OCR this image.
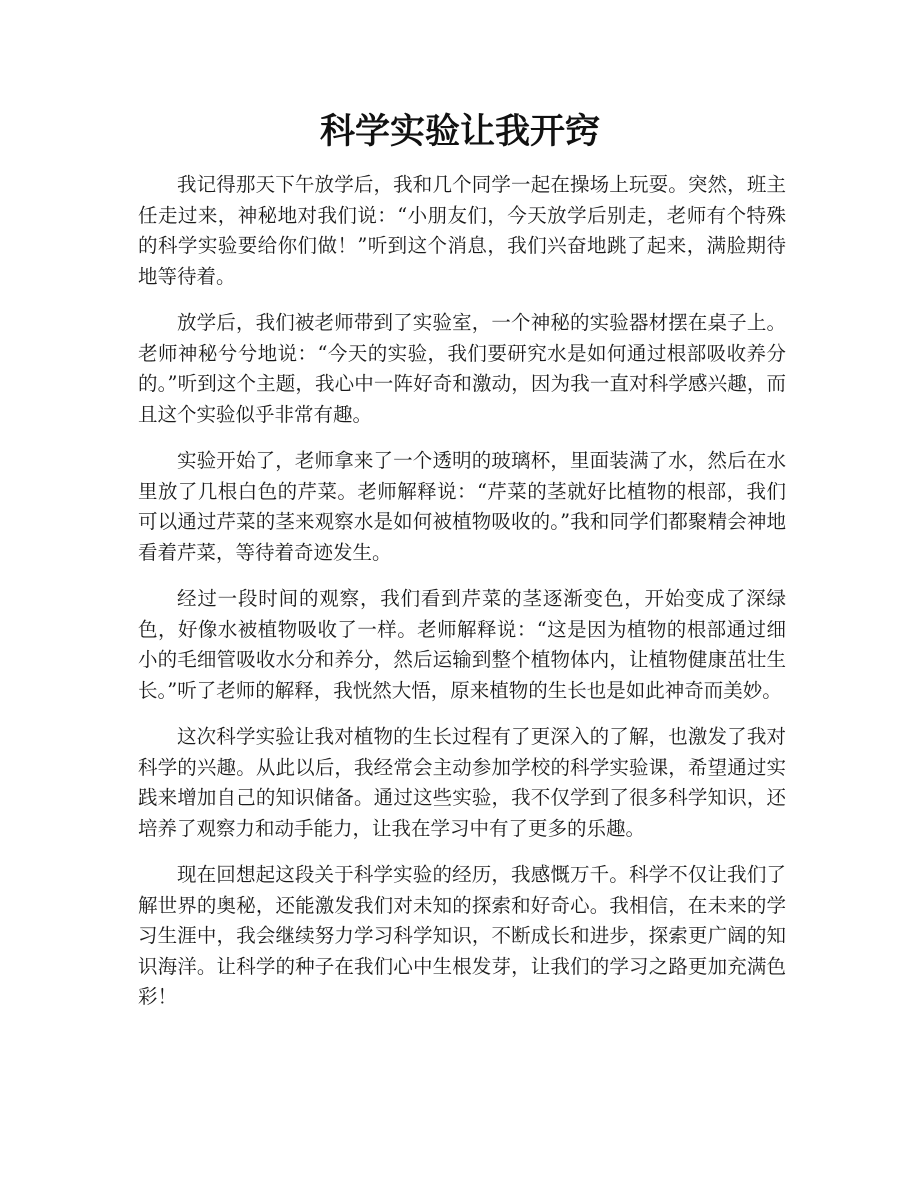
科学实验让我开窍

我记得那天下午放学后，我和几个同学一起在操场上玩耍。突然，班主任走过来，神秘地对我们说：“小朋友们，今天放学后别走，老师有个特殊的科学实验要给你们做！”听到这个消息，我们兴奋地跳了起来，满脸期待地等待着。

放学后，我们被老师带到了实验室，一个神秘的实验器材摆在桌子上。老师神秘兮兮地说：“今天的实验，我们要研究水是如何通过根部吸收养分的。”听到这个主题，我心中一阵好奇和激动，因为我一直对科学感兴趣，而且这个实验似乎非常有趣。

实验开始了，老师拿来了一个透明的玻璃杯，里面装满了水，然后在水里放了几根白色的芹菜。老师解释说：“芹菜的茎就好比植物的根部，我们可以通过芹菜的茎来观察水是如何被植物吸收的。”我和同学们都聚精会神地看着芹菜，等待着奇迹发生。

经过一段时间的观察，我们看到芹菜的茎逐渐变色，开始变成了深绿色，好像水被植物吸收了一样。老师解释说：“这是因为植物的根部通过细小的毛细管吸收水分和养分，然后运输到整个植物体内，让植物健康茁壮生长。”听了老师的解释，我恍然大悟，原来植物的生长也是如此神奇而美妙。

这次科学实验让我对植物的生长过程有了更深入的了解，也激发了我对科学的兴趣。从此以后，我经常会主动参加学校的科学实验课，希望通过实践来增加自己的知识储备。通过这些实验，我不仅学到了很多科学知识，还培养了观察力和动手能力，让我在学习中有了更多的乐趣。

现在回想起这段关于科学实验的经历，我感慨万千。科学不仅让我们了解世界的奥秘，还能激发我们对未知的探索和好奇心。我相信，在未来的学习生涯中，我会继续努力学习科学知识，不断成长和进步，探索更广阔的知识海洋。让科学的种子在我们心中生根发芽，让我们的学习之路更加充满色彩！
